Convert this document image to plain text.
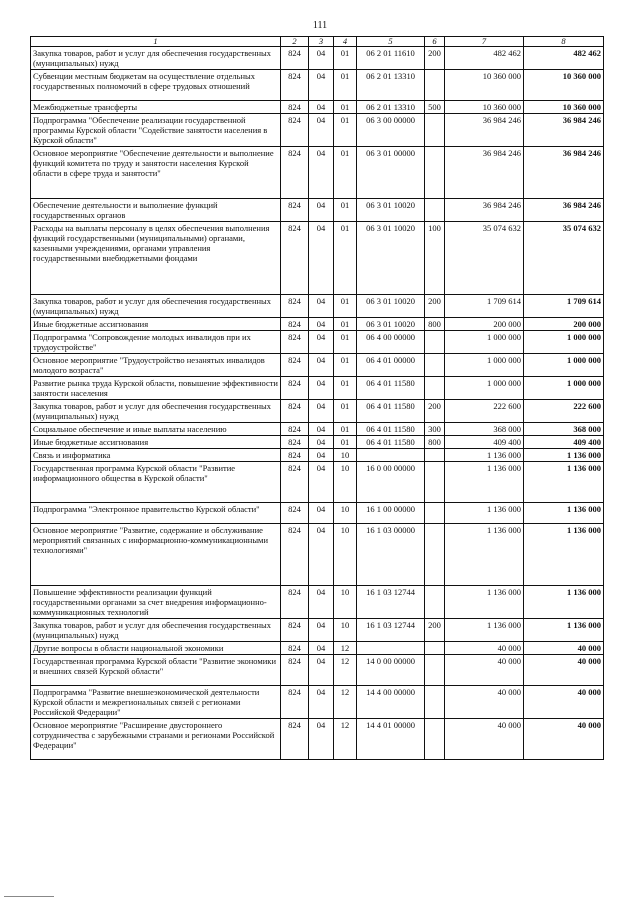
111
1	2	3	4	5	6	7	8
Закупка товаров, работ и услуг для обеспечения государственных (муниципальных) нужд	824	04	01	06 2 01 11610	200	482 462	482 462
Субвенции местным бюджетам на осуществление отдельных государственных полномочий в сфере трудовых отношений	824	04	01	06 2 01 13310		10 360 000	10 360 000
Межбюджетные трансферты	824	04	01	06 2 01 13310	500	10 360 000	10 360 000
Подпрограмма "Обеспечение реализации государственной программы Курской области "Содействие занятости населения в Курской области"	824	04	01	06 3 00 00000		36 984 246	36 984 246
Основное мероприятие "Обеспечение деятельности и выполнение функций комитета по труду и занятости населения Курской области в сфере труда и занятости"	824	04	01	06 3 01 00000		36 984 246	36 984 246
Обеспечение деятельности и выполнение функций государственных органов	824	04	01	06 3 01 10020		36 984 246	36 984 246
Расходы на выплаты персоналу в целях обеспечения выполнения функций государственными (муниципальными) органами, казенными учреждениями, органами управления государственными внебюджетными фондами	824	04	01	06 3 01 10020	100	35 074 632	35 074 632
Закупка товаров, работ и услуг для обеспечения государственных (муниципальных) нужд	824	04	01	06 3 01 10020	200	1 709 614	1 709 614
Иные бюджетные ассигнования	824	04	01	06 3 01 10020	800	200 000	200 000
Подпрограмма "Сопровождение молодых инвалидов при их трудоустройстве"	824	04	01	06 4 00 00000		1 000 000	1 000 000
Основное мероприятие "Трудоустройство незанятых инвалидов молодого возраста"	824	04	01	06 4 01 00000		1 000 000	1 000 000
Развитие рынка труда Курской области, повышение эффективности занятости населения	824	04	01	06 4 01 11580		1 000 000	1 000 000
Закупка товаров, работ и услуг для обеспечения государственных (муниципальных) нужд	824	04	01	06 4 01 11580	200	222 600	222 600
Социальное обеспечение и иные выплаты населению	824	04	01	06 4 01 11580	300	368 000	368 000
Иные бюджетные ассигнования	824	04	01	06 4 01 11580	800	409 400	409 400
Связь и информатика	824	04	10			1 136 000	1 136 000
Государственная программа Курской области "Развитие информационного общества в Курской области"	824	04	10	16 0 00 00000		1 136 000	1 136 000
Подпрограмма "Электронное правительство Курской области"	824	04	10	16 1 00 00000		1 136 000	1 136 000
Основное мероприятие "Развитие, содержание и обслуживание мероприятий связанных с информационно-коммуникационными технологиями"	824	04	10	16 1 03 00000		1 136 000	1 136 000
Повышение эффективности реализации функций государственными органами за счет внедрения информационно-коммуникационных технологий	824	04	10	16 1 03 12744		1 136 000	1 136 000
Закупка товаров, работ и услуг для обеспечения государственных (муниципальных) нужд	824	04	10	16 1 03 12744	200	1 136 000	1 136 000
Другие вопросы в области национальной экономики	824	04	12			40 000	40 000
Государственная программа Курской области "Развитие экономики и внешних связей Курской области"	824	04	12	14 0 00 00000		40 000	40 000
Подпрограмма "Развитие внешнеэкономической деятельности Курской области и межрегиональных связей с регионами Российской Федерации"	824	04	12	14 4 00 00000		40 000	40 000
Основное мероприятие "Расширение двустороннего сотрудничества с зарубежными странами и регионами Российской Федерации"	824	04	12	14 4 01 00000		40 000	40 000
